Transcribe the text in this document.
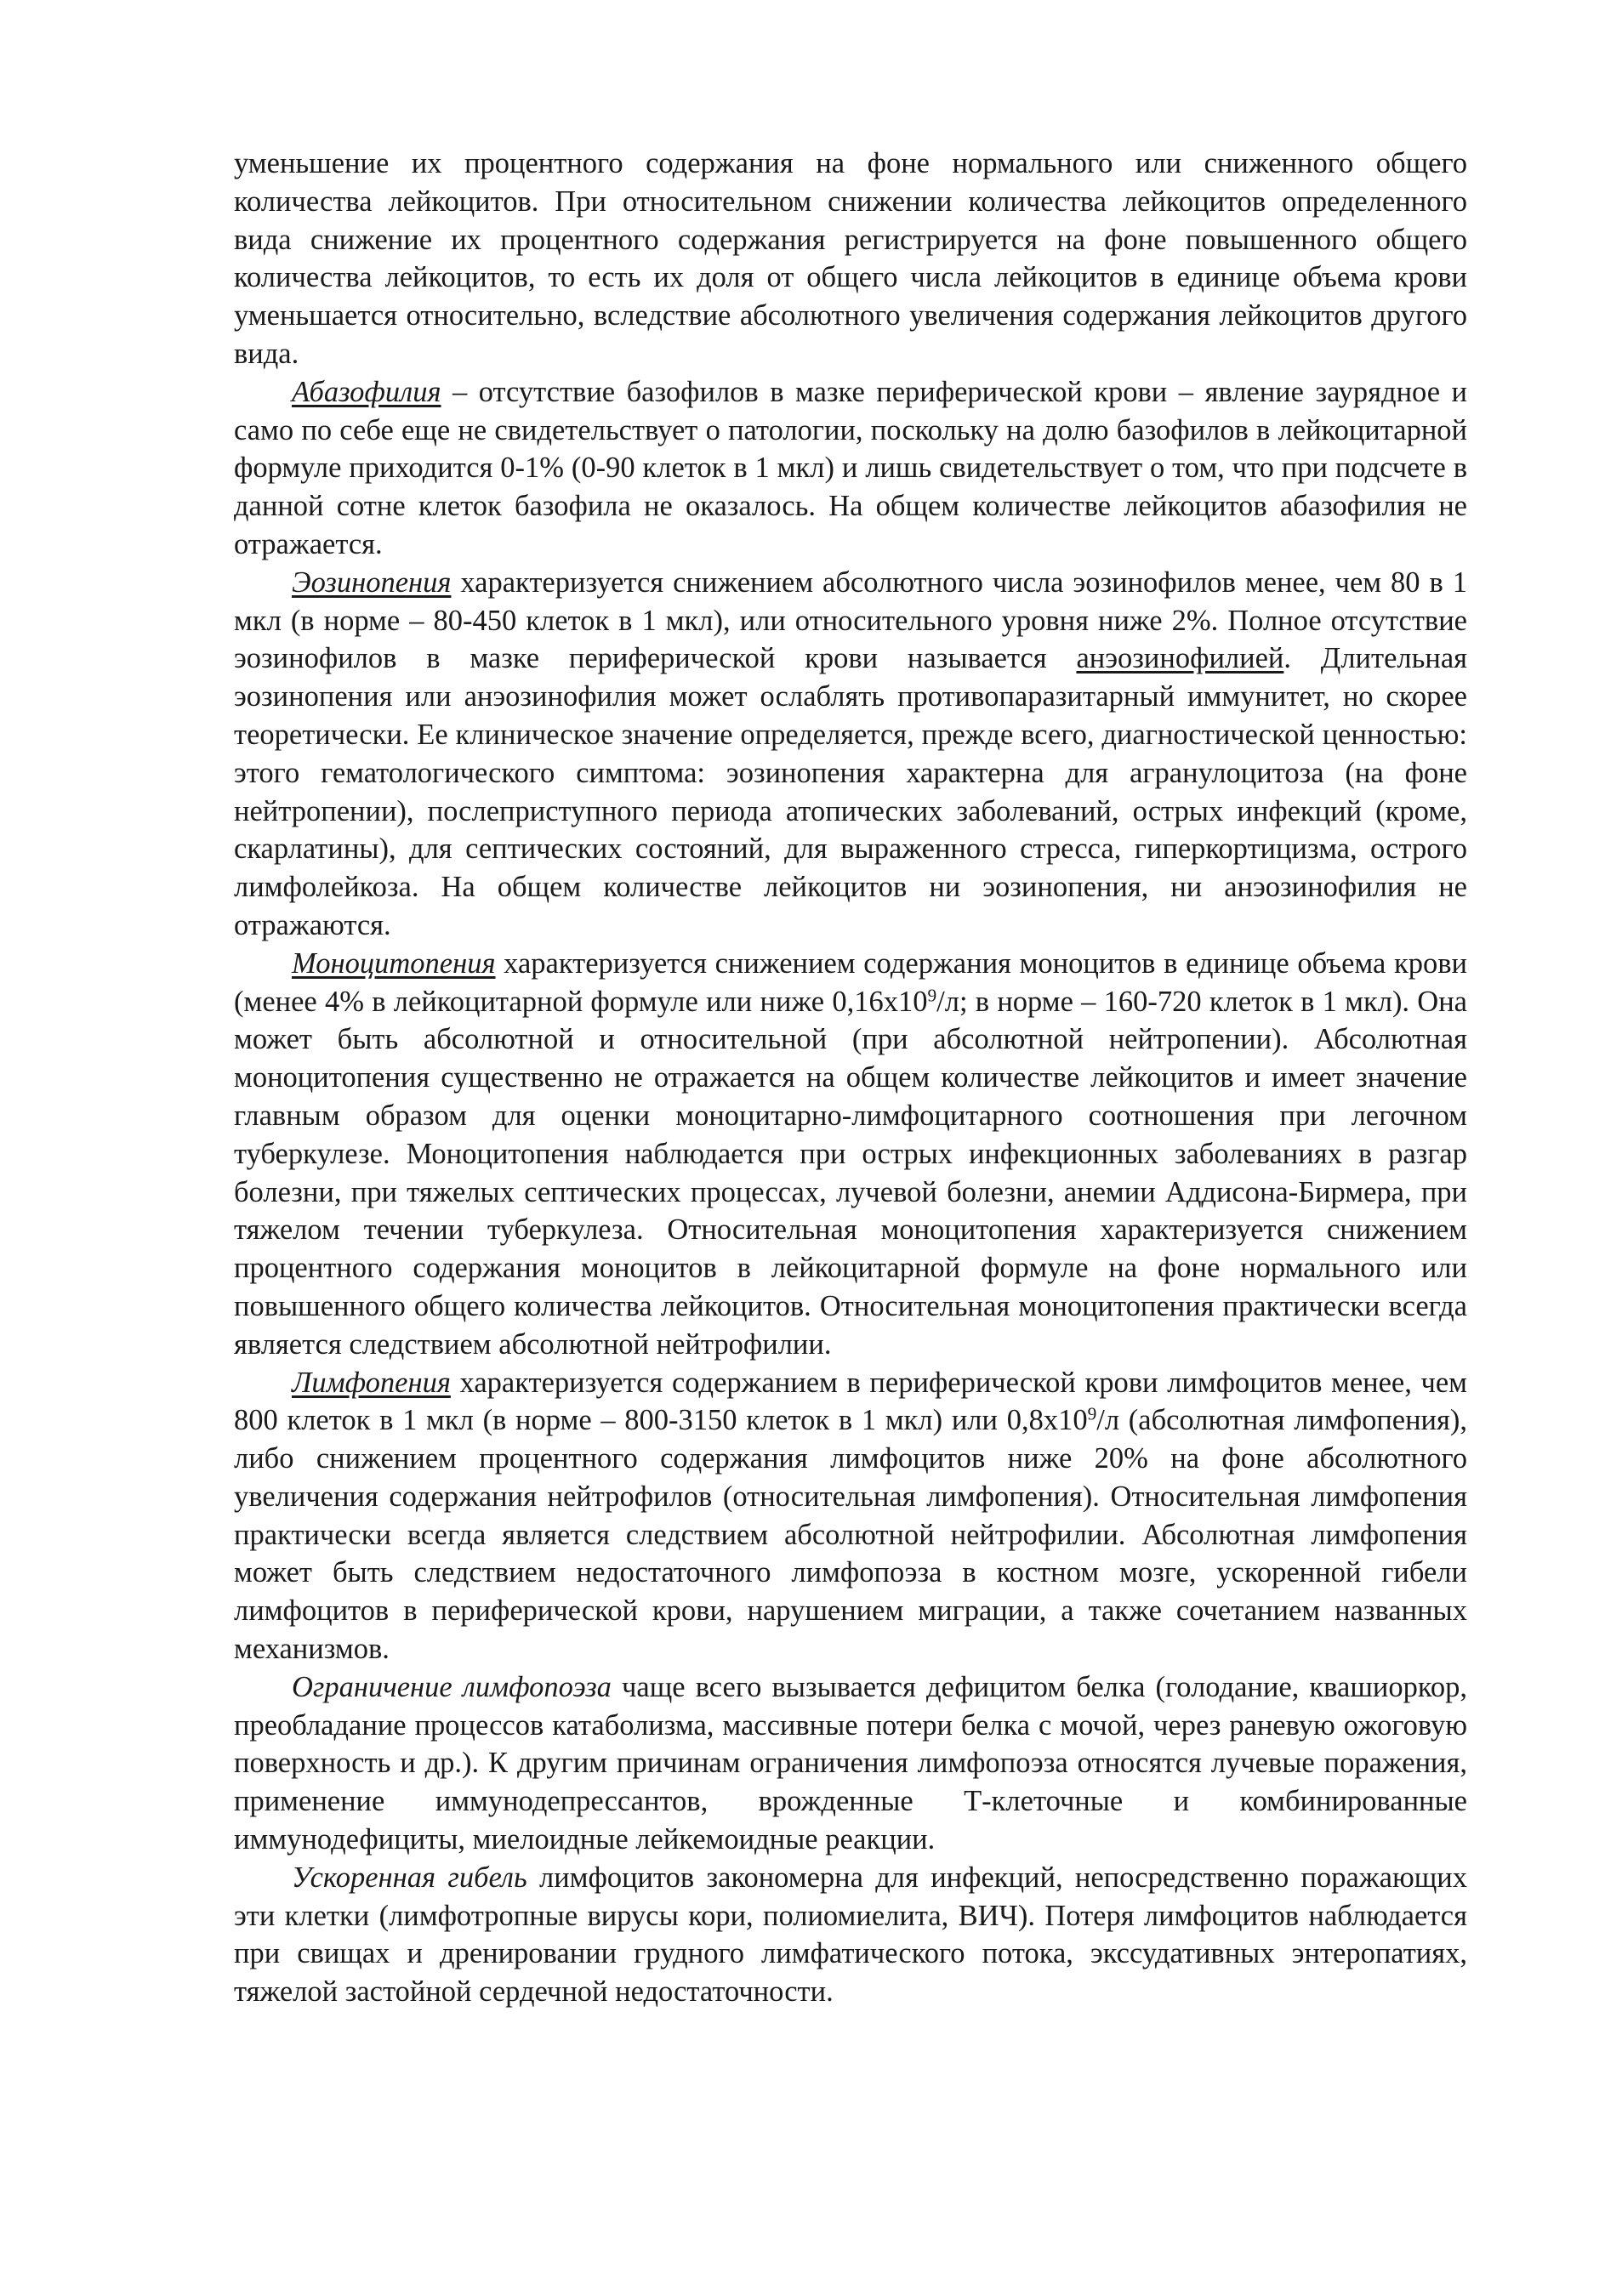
уменьшение их процентного содержания на фоне нормального или сниженного общего количества лейкоцитов. При относительном снижении количества лейкоцитов определенного вида снижение их процентного содержания регистрируется на фоне повышенного общего количества лейкоцитов, то есть их доля от общего числа лейкоцитов в единице объема крови уменьшается относительно, вследствие абсолютного увеличения содержания лейкоцитов другого вида.

Абазофилия – отсутствие базофилов в мазке периферической крови – явление заурядное и само по себе еще не свидетельствует о патологии, поскольку на долю базофилов в лейкоцитарной формуле приходится 0-1% (0-90 клеток в 1 мкл) и лишь свидетельствует о том, что при подсчете в данной сотне клеток базофила не оказалось. На общем количестве лейкоцитов абазофилия не отражается.

Эозинопения характеризуется снижением абсолютного числа эозинофилов менее, чем 80 в 1 мкл (в норме – 80-450 клеток в 1 мкл), или относительного уровня ниже 2%. Полное отсутствие эозинофилов в мазке периферической крови называется анэозинофилией. Длительная эозинопения или анэозинофилия может ослаблять противопаразитарный иммунитет, но скорее теоретически. Ее клиническое значение определяется, прежде всего, диагностической ценностью: этого гематологического симптома: эозинопения характерна для агранулоцитоза (на фоне нейтропении), послеприступного периода атопических заболеваний, острых инфекций (кроме, скарлатины), для септических состояний, для выраженного стресса, гиперкортицизма, острого лимфолейкоза. На общем количестве лейкоцитов ни эозинопения, ни анэозинофилия не отражаются.

Моноцитопения характеризуется снижением содержания моноцитов в единице объема крови (менее 4% в лейкоцитарной формуле или ниже $0,16х10^9/л$; в норме – 160-720 клеток в 1 мкл). Она может быть абсолютной и относительной (при абсолютной нейтропении). Абсолютная моноцитопения существенно не отражается на общем количестве лейкоцитов и имеет значение главным образом для оценки моноцитарно-лимфоцитарного соотношения при легочном туберкулезе. Моноцитопения наблюдается при острых инфекционных заболеваниях в разгар болезни, при тяжелых септических процессах, лучевой болезни, анемии Аддисона-Бирмера, при тяжелом течении туберкулеза. Относительная моноцитопения характеризуется снижением процентного содержания моноцитов в лейкоцитарной формуле на фоне нормального или повышенного общего количества лейкоцитов. Относительная моноцитопения практически всегда является следствием абсолютной нейтрофилии.

Лимфопения характеризуется содержанием в периферической крови лимфоцитов менее, чем 800 клеток в 1 мкл (в норме – 800-3150 клеток в 1 мкл) или $0,8х10^9/л$ (абсолютная лимфопения), либо снижением процентного содержания лимфоцитов ниже 20% на фоне абсолютного увеличения содержания нейтрофилов (относительная лимфопения). Относительная лимфопения практически всегда является следствием абсолютной нейтрофилии. Абсолютная лимфопения может быть следствием недостаточного лимфопоэза в костном мозге, ускоренной гибели лимфоцитов в периферической крови, нарушением миграции, а также сочетанием названных механизмов.

Ограничение лимфопоэза чаще всего вызывается дефицитом белка (голодание, квашиоркор, преобладание процессов катаболизма, массивные потери белка с мочой, через раневую ожоговую поверхность и др.). К другим причинам ограничения лимфопоэза относятся лучевые поражения, применение иммунодепрессантов, врожденные Т-клеточные и комбинированные иммунодефициты, миелоидные лейкемоидные реакции.

Ускоренная гибель лимфоцитов закономерна для инфекций, непосредственно поражающих эти клетки (лимфотропные вирусы кори, полиомиелита, ВИЧ). Потеря лимфоцитов наблюдается при свищах и дренировании грудного лимфатического потока, экссудативных энтеропатиях, тяжелой застойной сердечной недостаточности.
